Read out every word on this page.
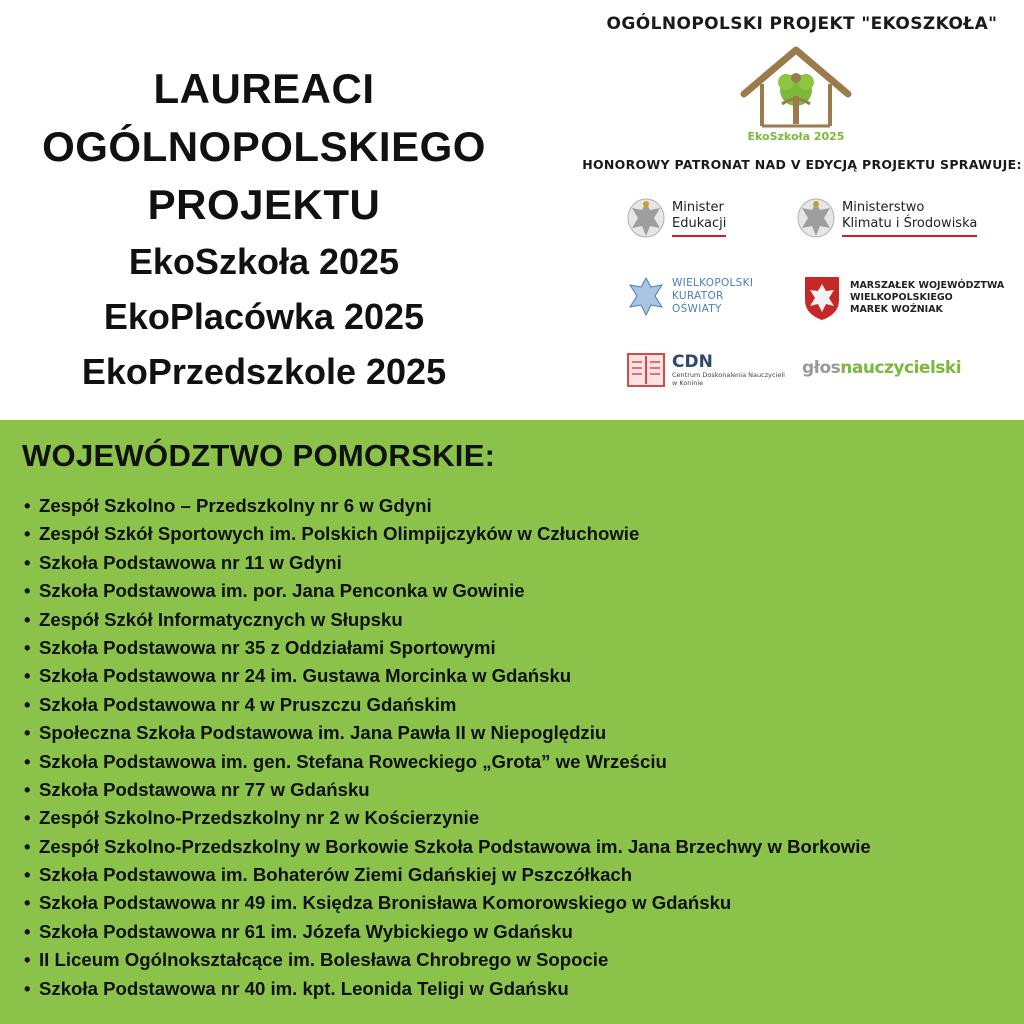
LAUREACI
OGÓLNOPOLSKIEGO
PROJEKTU
EkoSzkoła 2025
EkoPlacówka 2025
EkoPrzedszkole 2025
OGÓLNOPOLSKI PROJEKT "EKOSZKOŁA"
EkoSzkoła 2025
HONOROWY PATRONAT NAD V EDYCJĄ PROJEKTU SPRAWUJE:
Minister
Edukacji
Ministerstwo
Klimatu i Środowiska
WIELKOPOLSKI
KURATOR
OŚWIATY
MARSZAŁEK WOJEWÓDZTWA
WIELKOPOLSKIEGO
MAREK WOŹNIAK
CDN
Centrum Doskonalenia Nauczycieli
w Koninie
głos nauczycielski
WOJEWÓDZTWO POMORSKIE:
• Zespół Szkolno – Przedszkolny nr 6 w Gdyni
• Zespół Szkół Sportowych im. Polskich Olimpijczyków w Człuchowie
• Szkoła Podstawowa nr 11 w Gdyni
• Szkoła Podstawowa im. por. Jana Penconka w Gowinie
• Zespół Szkół Informatycznych w Słupsku
• Szkoła Podstawowa nr 35 z Oddziałami Sportowymi
• Szkoła Podstawowa nr 24 im. Gustawa Morcinka w Gdańsku
• Szkoła Podstawowa nr 4 w Pruszczu Gdańskim
• Społeczna Szkoła Podstawowa im. Jana Pawła II w Niepoględziu
• Szkoła Podstawowa im. gen. Stefana Roweckiego „Grota” we Wrześciu
• Szkoła Podstawowa nr 77 w Gdańsku
• Zespół Szkolno-Przedszkolny nr 2 w Kościerzynie
• Zespół Szkolno-Przedszkolny w Borkowie Szkoła Podstawowa im. Jana Brzechwy w Borkowie
• Szkoła Podstawowa im. Bohaterów Ziemi Gdańskiej w Pszczółkach
• Szkoła Podstawowa nr 49 im. Księdza Bronisława Komorowskiego w Gdańsku
• Szkoła Podstawowa nr 61 im. Józefa Wybickiego w Gdańsku
• II Liceum Ogólnokształcące im. Bolesława Chrobrego w Sopocie
• Szkoła Podstawowa nr 40 im. kpt. Leonida Teligi w Gdańsku
